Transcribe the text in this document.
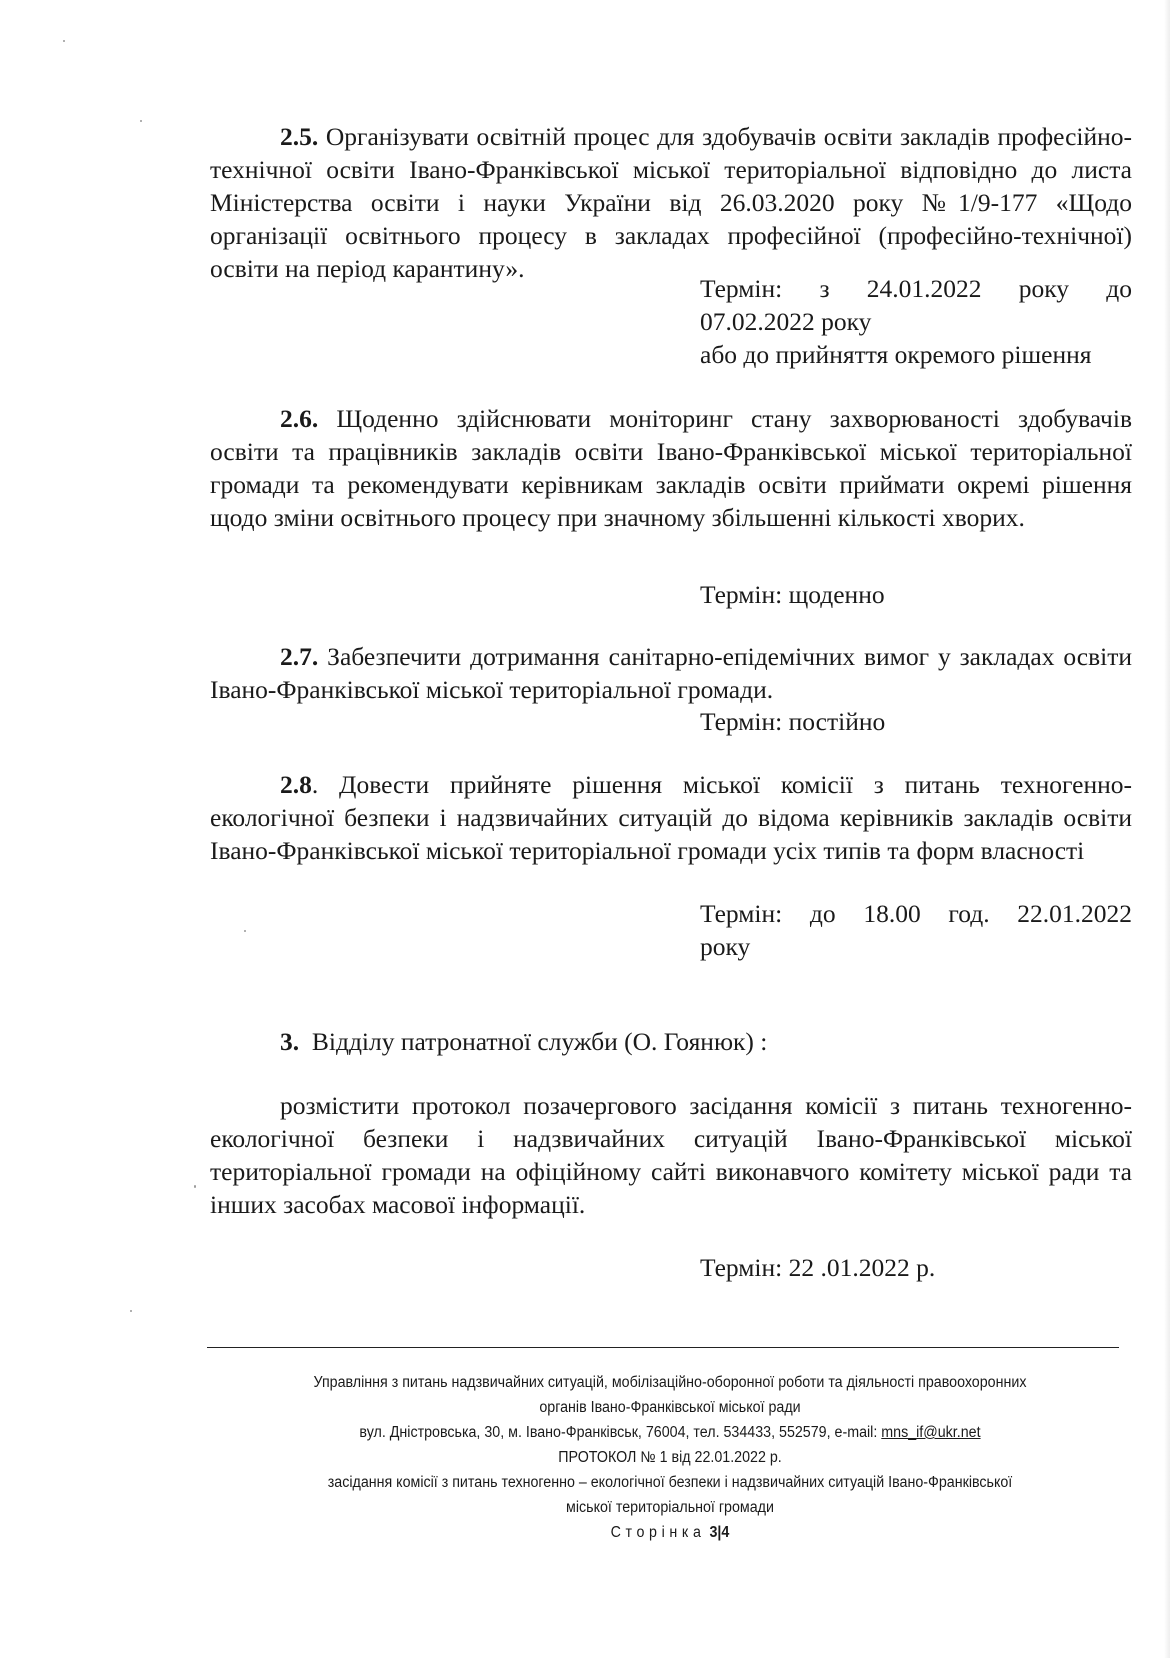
2.5. Організувати освітній процес для здобувачів освіти закладів професійно-технічної освіти Івано-Франківської міської територіальної відповідно до листа Міністерства освіти і науки України від 26.03.2020 року №1/9-177 «Щодо організації освітнього процесу в закладах професійної (професійно-технічної) освіти на період карантину».
Термін: з 24.01.2022 року до
07.02.2022 року
або до прийняття окремого рішення
2.6. Щоденно здійснювати моніторинг стану захворюваності здобувачів освіти та працівників закладів освіти Івано-Франківської міської територіальної громади та рекомендувати керівникам закладів освіти приймати окремі рішення щодо зміни освітнього процесу при значному збільшенні кількості хворих.
Термін: щоденно
2.7. Забезпечити дотримання санітарно-епідемічних вимог у закладах освіти Івано-Франківської міської територіальної громади.
Термін: постійно
2.8. Довести прийняте рішення міської комісії з питань техногенно-екологічної безпеки і надзвичайних ситуацій до відома керівників закладів освіти Івано-Франківської міської територіальної громади усіх типів та форм власності
Термін: до 18.00 год. 22.01.2022
року
3. Відділу патронатної служби (О. Гоянюк) :
розмістити протокол позачергового засідання комісії з питань техногенно-екологічної безпеки і надзвичайних ситуацій Івано-Франківської міської територіальної громади на офіційному сайті виконавчого комітету міської ради та інших засобах масової інформації.
Термін: 22 .01.2022 р.
Управління з питань надзвичайних ситуацій, мобілізаційно-оборонної роботи та діяльності правоохоронних
органів Івано-Франківської міської ради
вул. Дністровська, 30, м. Івано-Франківськ, 76004, тел. 534433, 552579, e-mail: mns_if@ukr.net
ПРОТОКОЛ № 1 від 22.01.2022 р.
засідання комісії з питань техногенно – екологічної безпеки і надзвичайних ситуацій Івано-Франківської
міської територіальної громади
Сторінка 3|4
